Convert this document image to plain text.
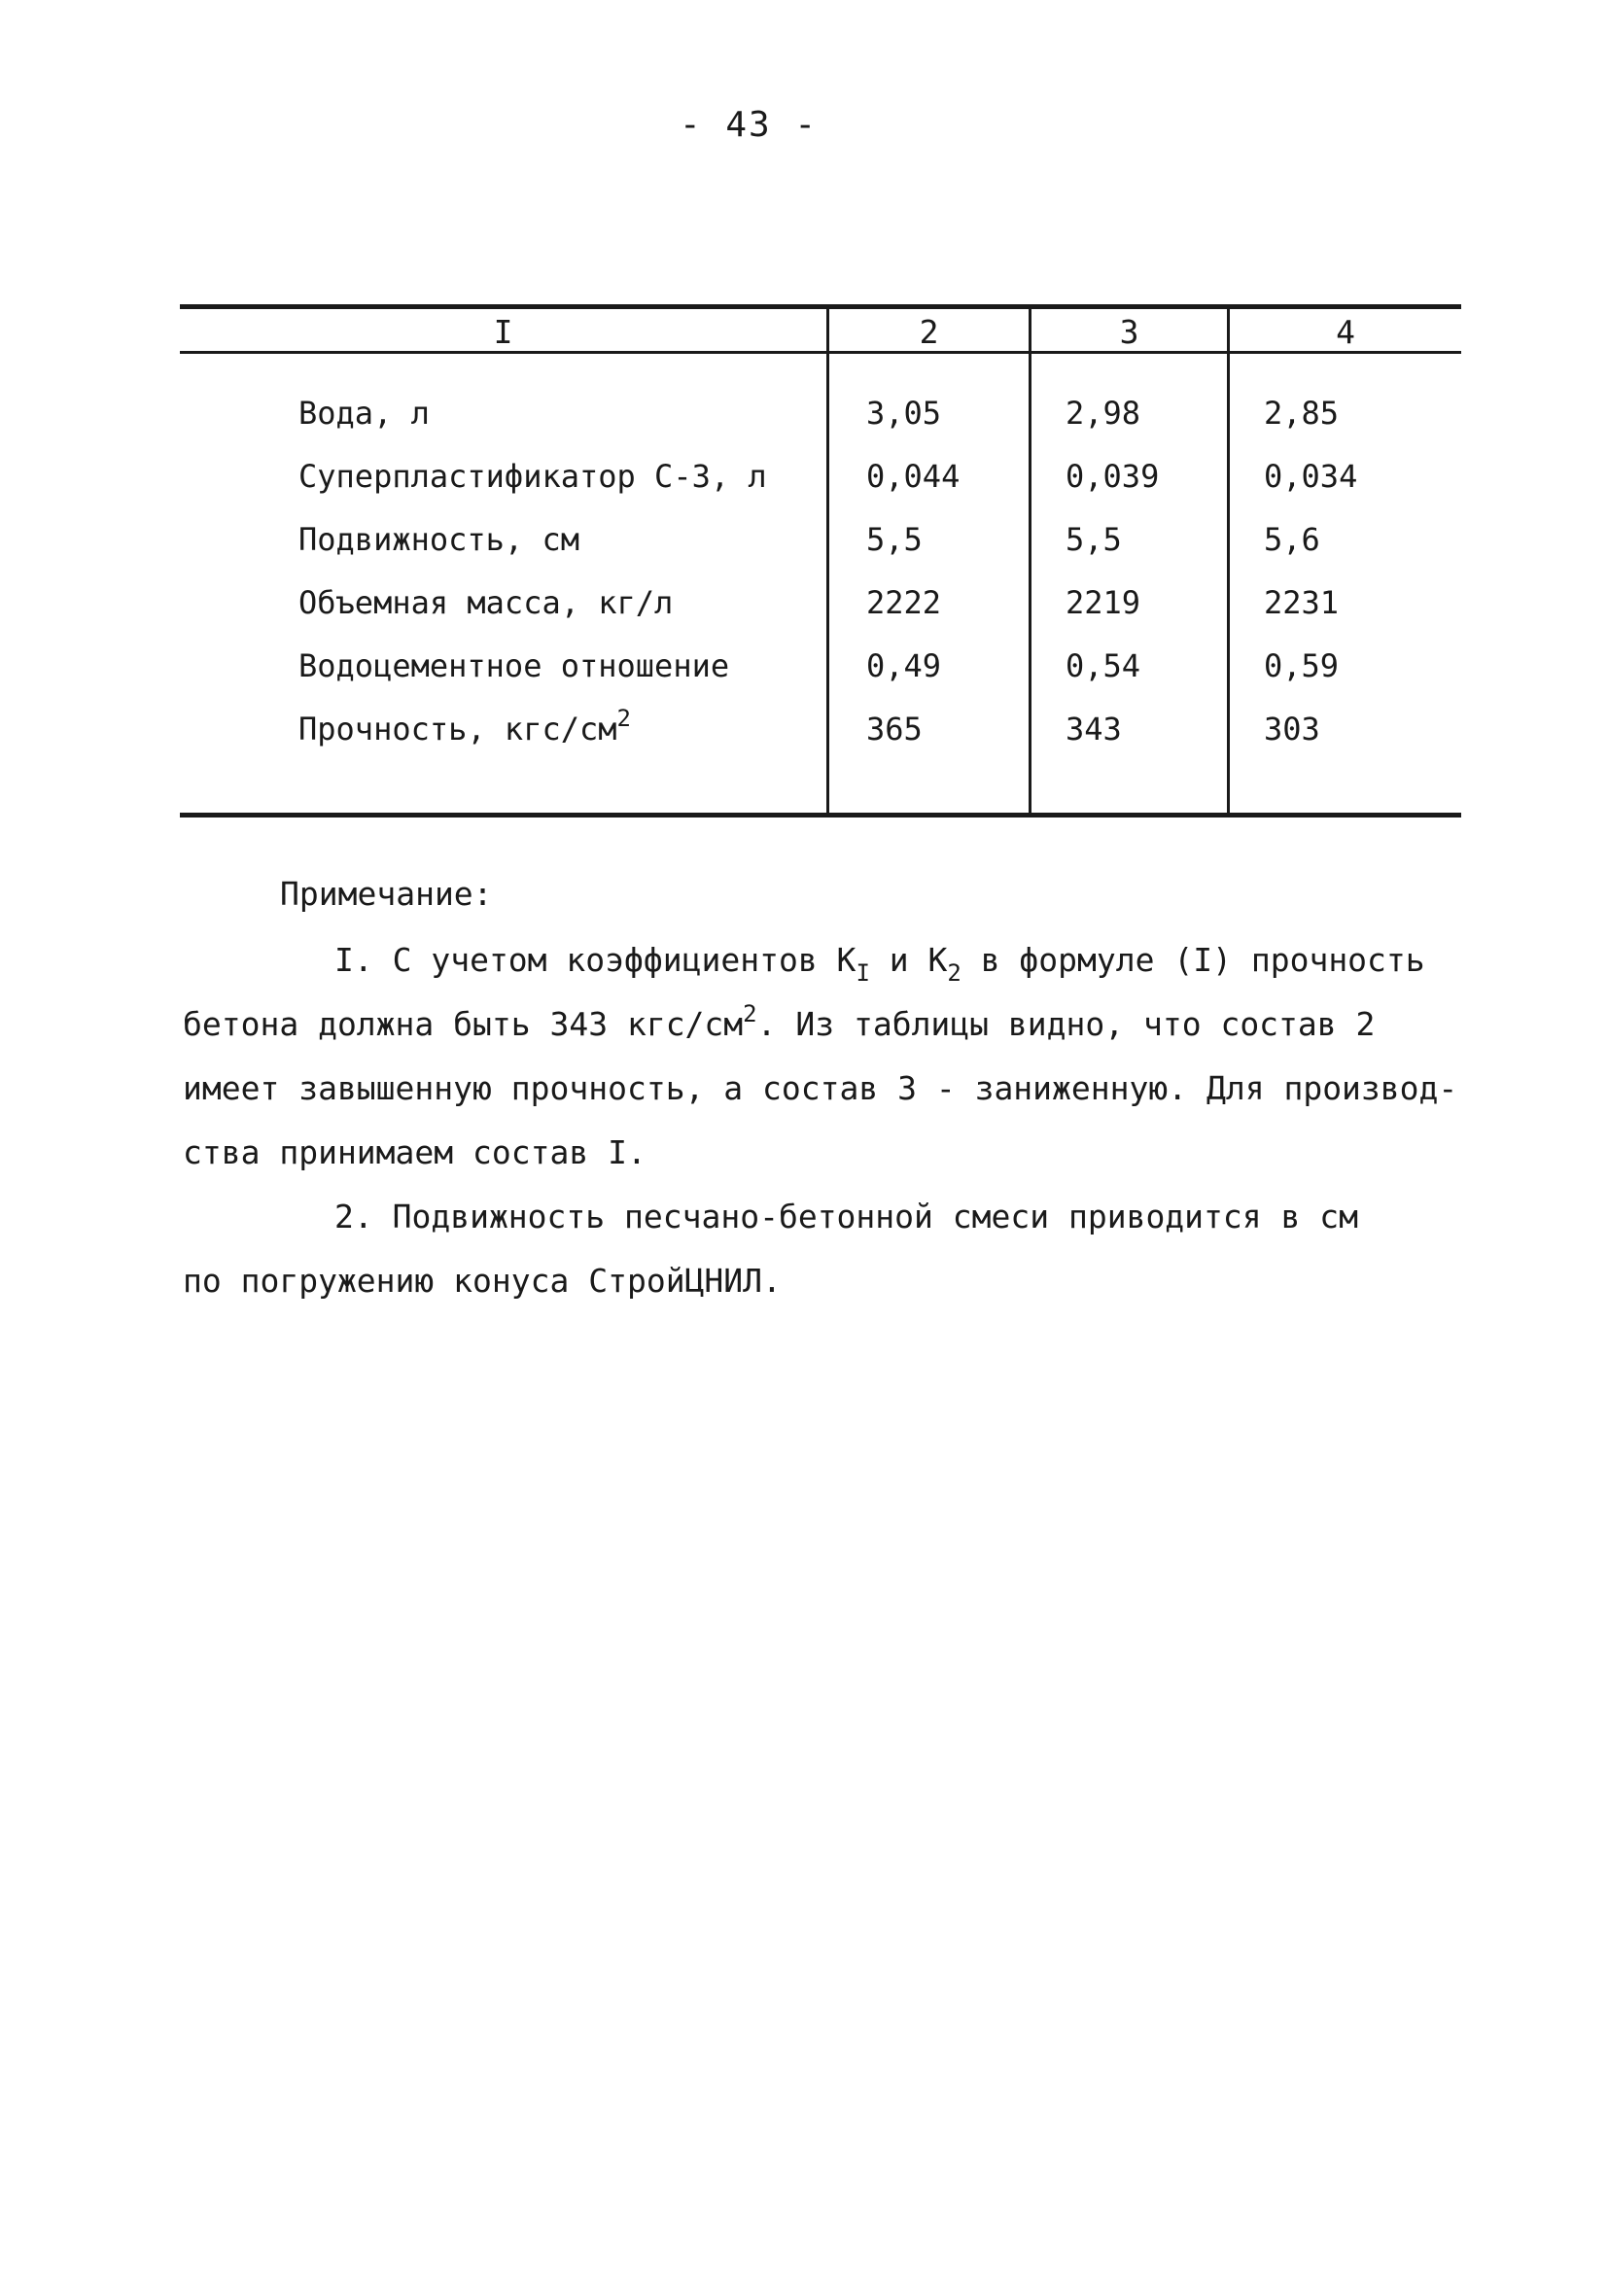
- 43 -
I	2	3	4
Вода, л	3,05	2,98	2,85
Суперпластификатор С-3, л	0,044	0,039	0,034
Подвижность, см	5,5	5,5	5,6
Объемная масса, кг/л	2222	2219	2231
Водоцементное отношение	0,49	0,54	0,59
Прочность, кгс/$см^2$	365	343	303
Примечание:
I. С учетом коэффициентов $К_I$ и $К_2$ в формуле (I) прочность
бетона должна быть 343 кгс/$см^2$. Из таблицы видно, что состав 2
имеет завышенную прочность, а состав 3 - заниженную. Для производ-
ства принимаем состав I.
2. Подвижность песчано-бетонной смеси приводится в см
по погружению конуса СтройЦНИЛ.
